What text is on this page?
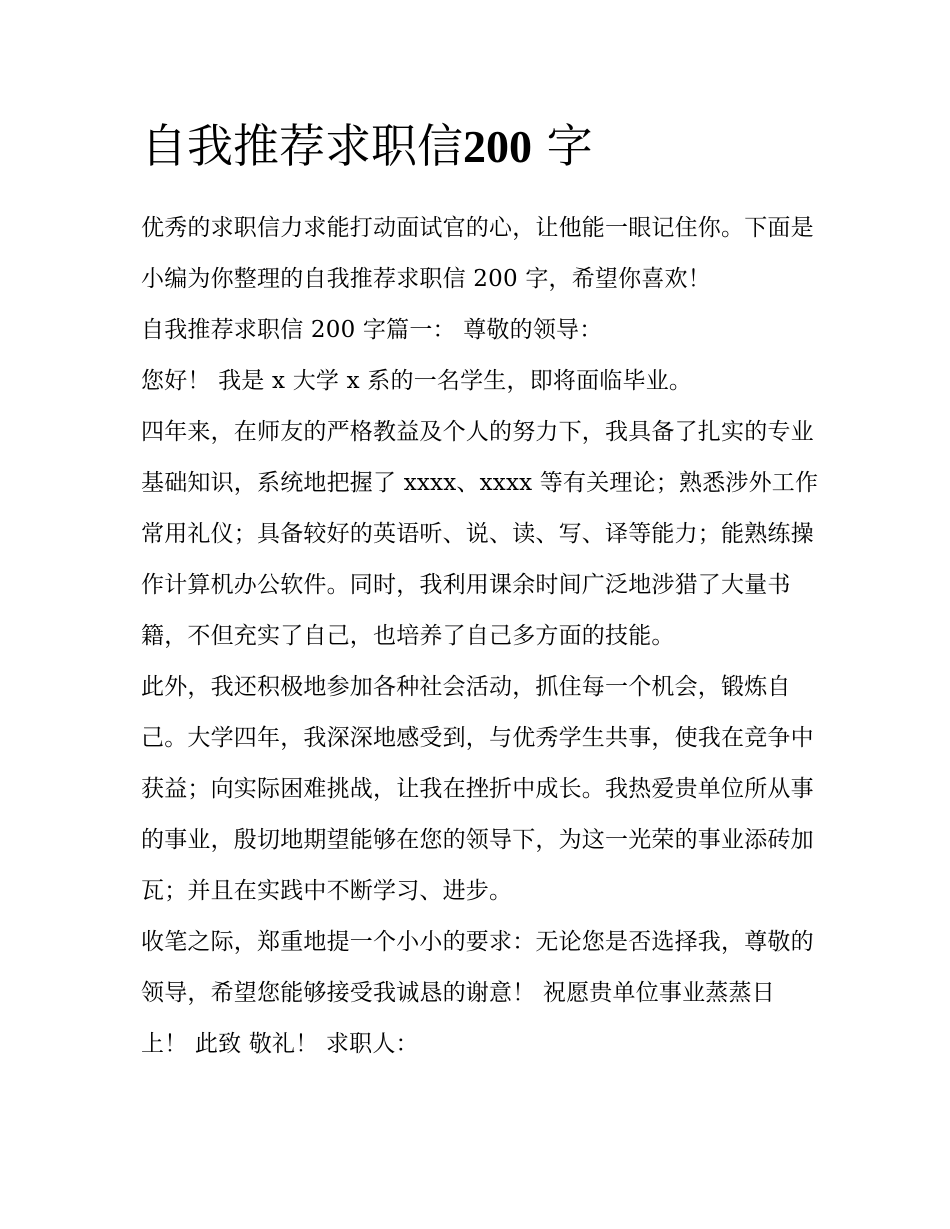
自我推荐求职信200 字

优秀的求职信力求能打动面试官的心，让他能一眼记住你。下面是小编为你整理的自我推荐求职信 200 字，希望你喜欢！

自我推荐求职信 200 字篇一： 尊敬的领导：

您好！ 我是 x 大学 x 系的一名学生，即将面临毕业。

四年来，在师友的严格教益及个人的努力下，我具备了扎实的专业基础知识，系统地把握了 xxxx、xxxx 等有关理论；熟悉涉外工作常用礼仪；具备较好的英语听、说、读、写、译等能力；能熟练操作计算机办公软件。同时，我利用课余时间广泛地涉猎了大量书籍，不但充实了自己，也培养了自己多方面的技能。

此外，我还积极地参加各种社会活动，抓住每一个机会，锻炼自己。大学四年，我深深地感受到，与优秀学生共事，使我在竞争中获益；向实际困难挑战，让我在挫折中成长。我热爱贵单位所从事的事业，殷切地期望能够在您的领导下，为这一光荣的事业添砖加瓦；并且在实践中不断学习、进步。

收笔之际，郑重地提一个小小的要求：无论您是否选择我，尊敬的领导，希望您能够接受我诚恳的谢意！ 祝愿贵单位事业蒸蒸日上！ 此致 敬礼！ 求职人：
